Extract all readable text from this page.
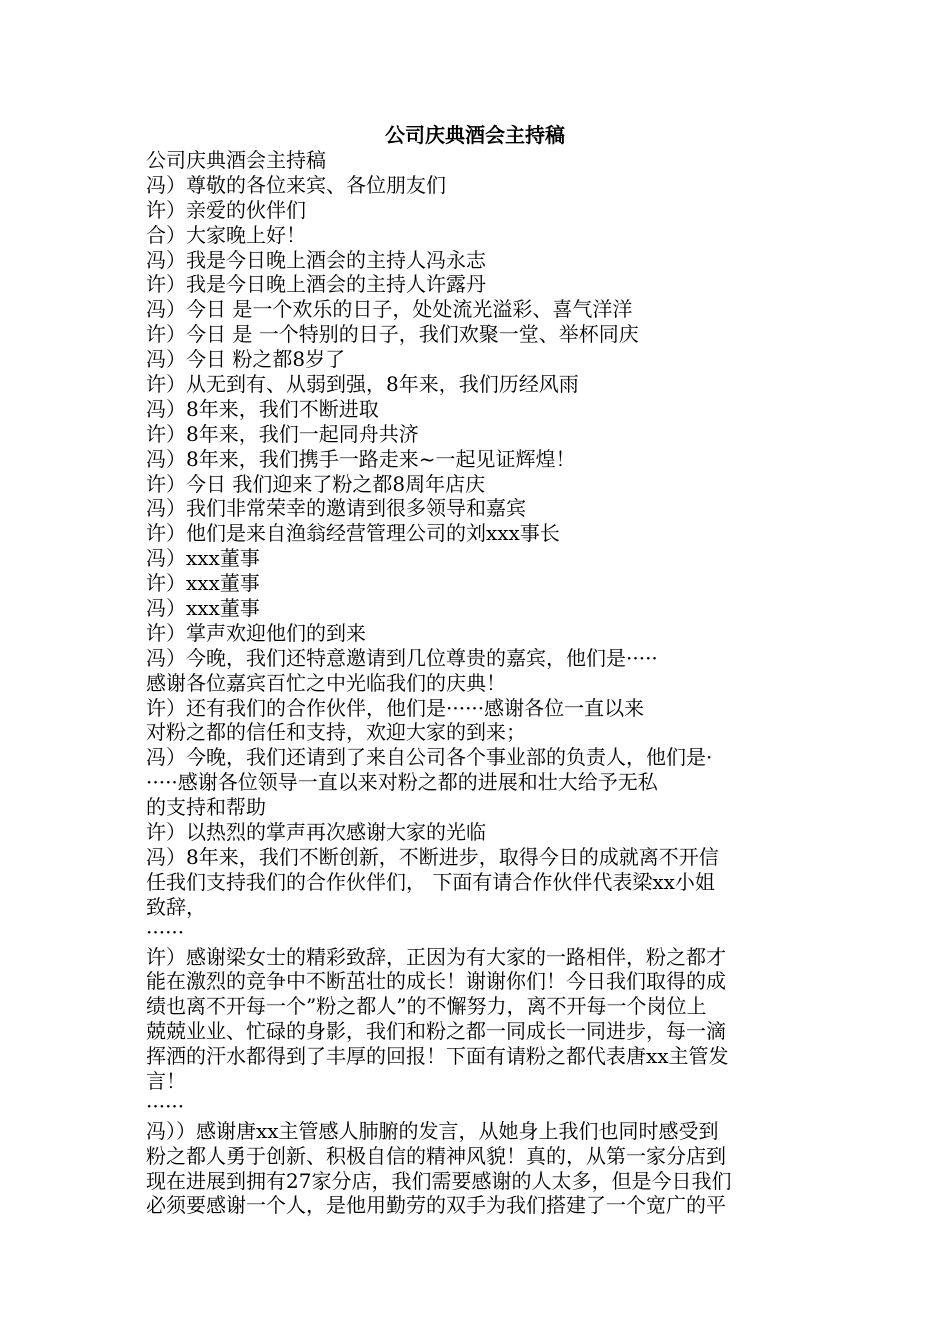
公司庆典酒会主持稿
公司庆典酒会主持稿
冯）尊敬的各位来宾、各位朋友们
许）亲爱的伙伴们
合）大家晚上好！
冯）我是今日晚上酒会的主持人冯永志
许）我是今日晚上酒会的主持人许露丹
冯）今日 是一个欢乐的日子，处处流光溢彩、喜气洋洋
许）今日 是 一个特别的日子，我们欢聚一堂、举杯同庆
冯）今日 粉之都8岁了
许）从无到有、从弱到强，8年来，我们历经风雨
冯）8年来，我们不断进取
许）8年来，我们一起同舟共济
冯）8年来，我们携手一路走来~一起见证辉煌！
许）今日 我们迎来了粉之都8周年店庆
冯）我们非常荣幸的邀请到很多领导和嘉宾
许）他们是来自渔翁经营管理公司的刘xxx事长
冯）xxx董事
许）xxx董事
冯）xxx董事
许）掌声欢迎他们的到来
冯）今晚，我们还特意邀请到几位尊贵的嘉宾，他们是·····
感谢各位嘉宾百忙之中光临我们的庆典！
许）还有我们的合作伙伴，他们是······感谢各位一直以来
对粉之都的信任和支持，欢迎大家的到来；
冯）今晚，我们还请到了来自公司各个事业部的负责人，他们是·
·····感谢各位领导一直以来对粉之都的进展和壮大给予无私
的支持和帮助
许）以热烈的掌声再次感谢大家的光临
冯）8年来，我们不断创新，不断进步，取得今日的成就离不开信
任我们支持我们的合作伙伴们， 下面有请合作伙伴代表梁xx小姐
致辞，
······
许）感谢梁女士的精彩致辞，正因为有大家的一路相伴，粉之都才
能在激烈的竞争中不断茁壮的成长！谢谢你们！今日我们取得的成
绩也离不开每一个”粉之都人”的不懈努力，离不开每一个岗位上
兢兢业业、忙碌的身影，我们和粉之都一同成长一同进步，每一滴
挥洒的汗水都得到了丰厚的回报！下面有请粉之都代表唐xx主管发
言！
······
冯））感谢唐xx主管感人肺腑的发言，从她身上我们也同时感受到
粉之都人勇于创新、积极自信的精神风貌！真的，从第一家分店到
现在进展到拥有27家分店，我们需要感谢的人太多，但是今日我们
必须要感谢一个人，是他用勤劳的双手为我们搭建了一个宽广的平
